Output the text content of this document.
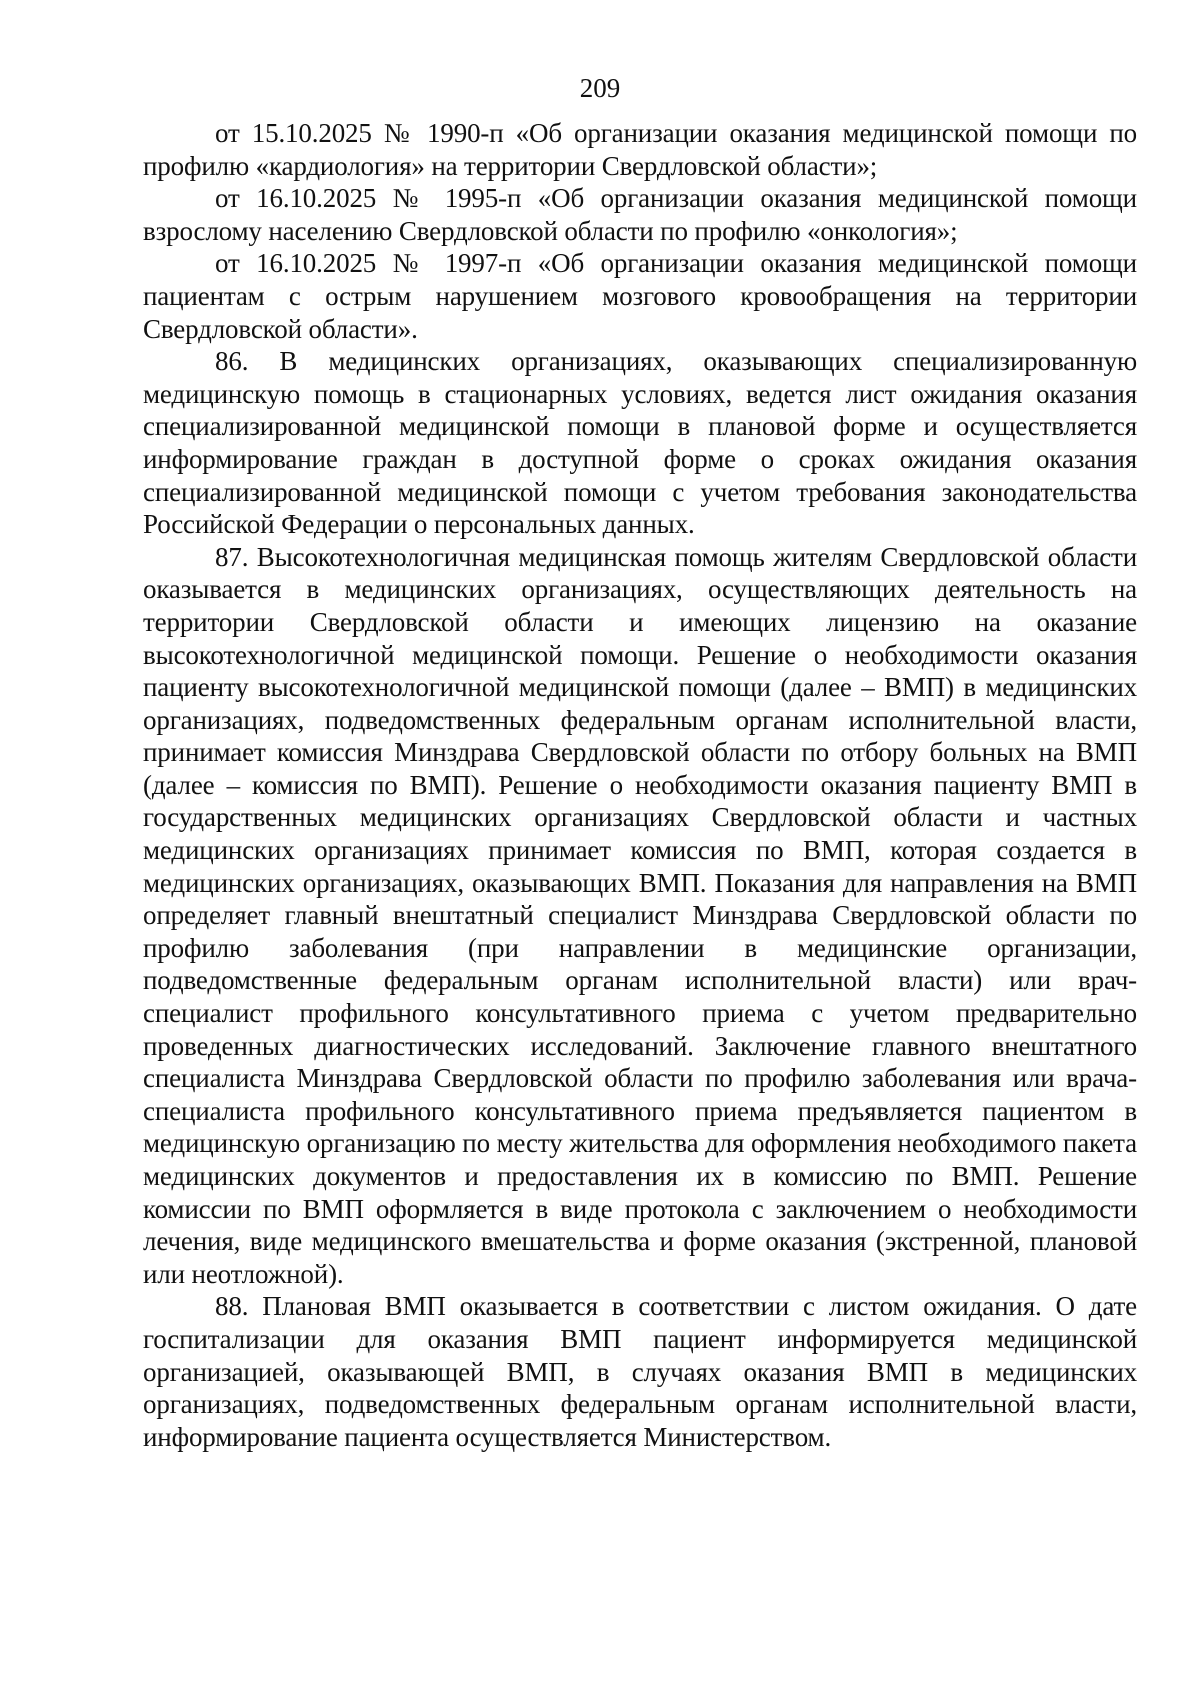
209

от 15.10.2025 № 1990-п «Об организации оказания медицинской помощи по профилю «кардиология» на территории Свердловской области»;

от 16.10.2025 № 1995-п «Об организации оказания медицинской помощи взрослому населению Свердловской области по профилю «онкология»;

от 16.10.2025 № 1997-п «Об организации оказания медицинской помощи пациентам с острым нарушением мозгового кровообращения на территории Свердловской области».

86. В медицинских организациях, оказывающих специализированную медицинскую помощь в стационарных условиях, ведется лист ожидания оказания специализированной медицинской помощи в плановой форме и осуществляется информирование граждан в доступной форме о сроках ожидания оказания специализированной медицинской помощи с учетом требования законодательства Российской Федерации о персональных данных.

87. Высокотехнологичная медицинская помощь жителям Свердловской области оказывается в медицинских организациях, осуществляющих деятельность на территории Свердловской области и имеющих лицензию на оказание высокотехнологичной медицинской помощи. Решение о необходимости оказания пациенту высокотехнологичной медицинской помощи (далее – ВМП) в медицинских организациях, подведомственных федеральным органам исполнительной власти, принимает комиссия Минздрава Свердловской области по отбору больных на ВМП (далее – комиссия по ВМП). Решение о необходимости оказания пациенту ВМП в государственных медицинских организациях Свердловской области и частных медицинских организациях принимает комиссия по ВМП, которая создается в медицинских организациях, оказывающих ВМП. Показания для направления на ВМП определяет главный внештатный специалист Минздрава Свердловской области по профилю заболевания (при направлении в медицинские организации, подведомственные федеральным органам исполнительной власти) или врач-специалист профильного консультативного приема с учетом предварительно проведенных диагностических исследований. Заключение главного внештатного специалиста Минздрава Свердловской области по профилю заболевания или врача-специалиста профильного консультативного приема предъявляется пациентом в медицинскую организацию по месту жительства для оформления необходимого пакета медицинских документов и предоставления их в комиссию по ВМП. Решение комиссии по ВМП оформляется в виде протокола с заключением о необходимости лечения, виде медицинского вмешательства и форме оказания (экстренной, плановой или неотложной).

88. Плановая ВМП оказывается в соответствии с листом ожидания. О дате госпитализации для оказания ВМП пациент информируется медицинской организацией, оказывающей ВМП, в случаях оказания ВМП в медицинских организациях, подведомственных федеральным органам исполнительной власти, информирование пациента осуществляется Министерством.
